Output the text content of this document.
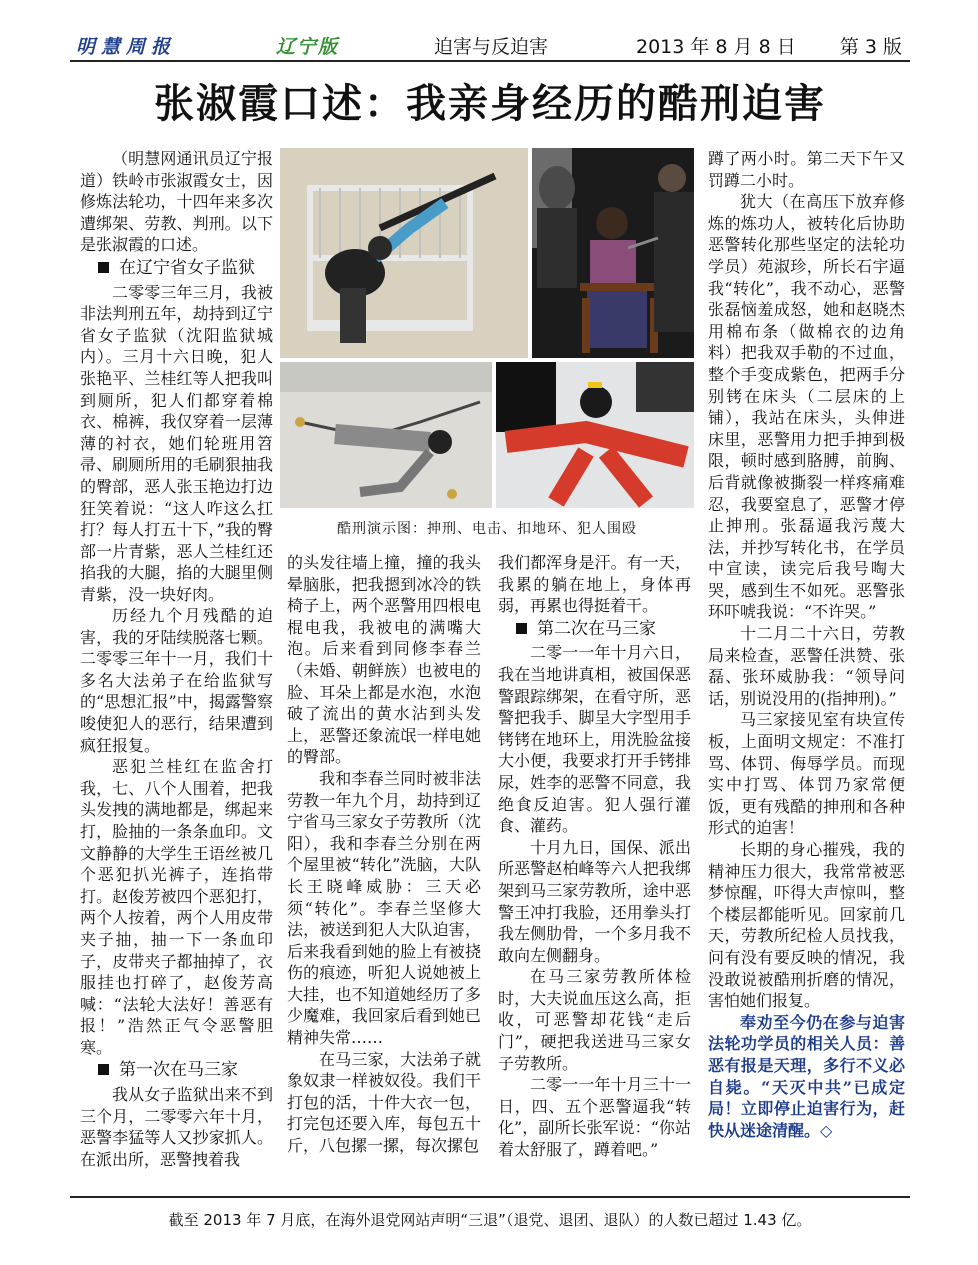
明慧周报	辽宁版	迫害与反迫害	2013 年 8 月 8 日 第 3 版
张淑霞口述：我亲身经历的酷刑迫害

（明慧网通讯员辽宁报道）铁岭市张淑霞女士，因修炼法轮功，十四年来多次遭绑架、劳教、判刑。以下是张淑霞的口述。

在辽宁省女子监狱

二零零三年三月，我被非法判刑五年，劫持到辽宁省女子监狱（沈阳监狱城内）。三月十六日晚，犯人张艳平、兰桂红等人把我叫到厕所，犯人们都穿着棉衣、棉裤，我仅穿着一层薄薄的衬衣，她们轮班用笤帚、刷厕所用的毛刷狠抽我的臀部，恶人张玉艳边打边狂笑着说：“这人咋这么扛打？每人打五十下，”我的臀部一片青紫，恶人兰桂红还掐我的大腿，掐的大腿里侧青紫，没一块好肉。

历经九个月残酷的迫害，我的牙陆续脱落七颗。二零零三年十一月，我们十多名大法弟子在给监狱写的“思想汇报”中，揭露警察唆使犯人的恶行，结果遭到疯狂报复。

恶犯兰桂红在监舍打我，七、八个人围着，把我头发拽的满地都是，绑起来打，脸抽的一条条血印。文文静静的大学生王语丝被几个恶犯扒光裤子，连掐带打。赵俊芳被四个恶犯打，两个人按着，两个人用皮带夹子抽，抽一下一条血印子，皮带夹子都抽掉了，衣服挂也打碎了，赵俊芳高喊：“法轮大法好！善恶有报！”浩然正气令恶警胆寒。

第一次在马三家

我从女子监狱出来不到三个月，二零零六年十月，恶警李猛等人又抄家抓人。在派出所，恶警拽着我

酷刑演示图：抻刑、电击、扣地环、犯人围殴

的头发往墙上撞，撞的我头晕脑胀，把我摁到冰冷的铁椅子上，两个恶警用四根电棍电我，我被电的满嘴大泡。后来看到同修李春兰（未婚、朝鲜族）也被电的脸、耳朵上都是水泡，水泡破了流出的黄水沾到头发上，恶警还象流氓一样电她的臀部。

我和李春兰同时被非法劳教一年九个月，劫持到辽宁省马三家女子劳教所（沈阳），我和李春兰分别在两个屋里被“转化”洗脑，大队长王晓峰威胁：三天必须“转化”。李春兰坚修大法，被送到犯人大队迫害，后来我看到她的脸上有被挠伤的痕迹，听犯人说她被上大挂，也不知道她经历了多少魔难，我回家后看到她已精神失常……

在马三家，大法弟子就象奴隶一样被奴役。我们干打包的活，十件大衣一包，打完包还要入库，每包五十斤，八包摞一摞，每次摞包

我们都浑身是汗。有一天，我累的躺在地上，身体再弱，再累也得挺着干。

第二次在马三家

二零一一年十月六日，我在当地讲真相，被国保恶警跟踪绑架，在看守所，恶警把我手、脚呈大字型用手铐铐在地环上，用洗脸盆接大小便，我要求打开手铐排尿，姓李的恶警不同意，我绝食反迫害。犯人强行灌食、灌药。

十月九日，国保、派出所恶警赵柏峰等六人把我绑架到马三家劳教所，途中恶警王冲打我脸，还用拳头打我左侧肋骨，一个多月我不敢向左侧翻身。

在马三家劳教所体检时，大夫说血压这么高，拒收，可恶警却花钱“走后门”，硬把我送进马三家女子劳教所。

二零一一年十月三十一日，四、五个恶警逼我“转化”，副所长张军说：“你站着太舒服了，蹲着吧。”

蹲了两小时。第二天下午又罚蹲二小时。

犹大（在高压下放弃修炼的炼功人，被转化后协助恶警转化那些坚定的法轮功学员）苑淑珍，所长石宇逼我“转化”，我不动心，恶警张磊恼羞成怒，她和赵晓杰用棉布条（做棉衣的边角料）把我双手勒的不过血，整个手变成紫色，把两手分别铐在床头（二层床的上铺），我站在床头，头伸进床里，恶警用力把手抻到极限，顿时感到胳膊，前胸、后背就像被撕裂一样疼痛难忍，我要窒息了，恶警才停止抻刑。张磊逼我污蔑大法，并抄写转化书，在学员中宣读，读完后我号啕大哭，感到生不如死。恶警张环吓唬我说：“不许哭。”

十二月二十六日，劳教局来检查，恶警任洪赞、张磊、张环威胁我：“领导问话，别说没用的(指抻刑)。”

马三家接见室有块宣传板，上面明文规定：不准打骂、体罚、侮辱学员。而现实中打骂、体罚乃家常便饭，更有残酷的抻刑和各种形式的迫害！

长期的身心摧残，我的精神压力很大，我常常被恶梦惊醒，吓得大声惊叫，整个楼层都能听见。回家前几天，劳教所纪检人员找我，问有没有要反映的情况，我没敢说被酷刑折磨的情况，害怕她们报复。

奉劝至今仍在参与迫害法轮功学员的相关人员：善恶有报是天理，多行不义必自毙。“天灭中共”已成定局！立即停止迫害行为，赶快从迷途清醒。◇

截至 2013 年 7 月底，在海外退党网站声明“三退”（退党、退团、退队）的人数已超过 1.43 亿。
